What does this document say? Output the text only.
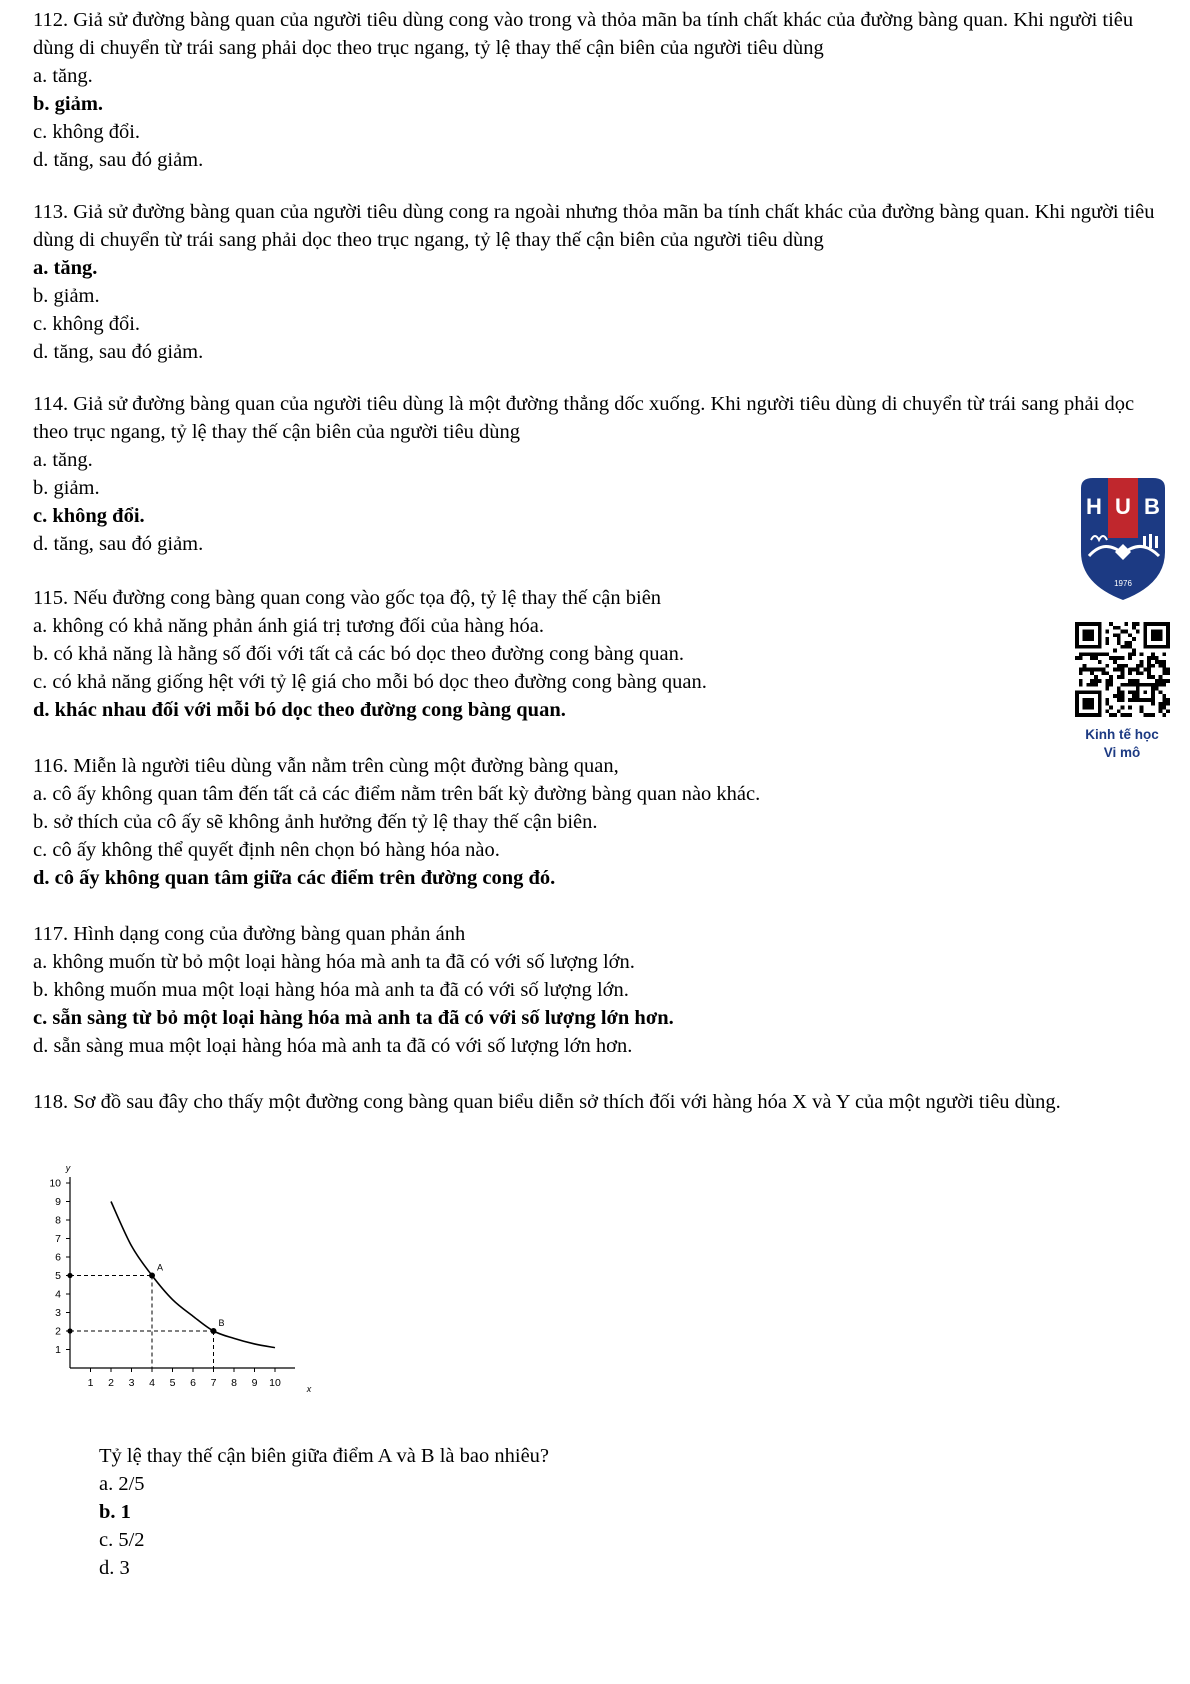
112. Giả sử đường bàng quan của người tiêu dùng cong vào trong và thỏa mãn ba tính chất khác của đường bàng quan. Khi người tiêu dùng di chuyển từ trái sang phải dọc theo trục ngang, tỷ lệ thay thế cận biên của người tiêu dùng

a. tăng.

b. giảm.

c. không đổi.

d. tăng, sau đó giảm.

113. Giả sử đường bàng quan của người tiêu dùng cong ra ngoài nhưng thỏa mãn ba tính chất khác của đường bàng quan. Khi người tiêu dùng di chuyển từ trái sang phải dọc theo trục ngang, tỷ lệ thay thế cận biên của người tiêu dùng

a. tăng.

b. giảm.

c. không đổi.

d. tăng, sau đó giảm.

114. Giả sử đường bàng quan của người tiêu dùng là một đường thẳng dốc xuống. Khi người tiêu dùng di chuyển từ trái sang phải dọc theo trục ngang, tỷ lệ thay thế cận biên của người tiêu dùng

a. tăng.

b. giảm.

c. không đổi.

d. tăng, sau đó giảm.

115. Nếu đường cong bàng quan cong vào gốc tọa độ, tỷ lệ thay thế cận biên

a. không có khả năng phản ánh giá trị tương đối của hàng hóa.

b. có khả năng là hằng số đối với tất cả các bó dọc theo đường cong bàng quan.

c. có khả năng giống hệt với tỷ lệ giá cho mỗi bó dọc theo đường cong bàng quan.

d. khác nhau đối với mỗi bó dọc theo đường cong bàng quan.

116. Miễn là người tiêu dùng vẫn nằm trên cùng một đường bàng quan,

a. cô ấy không quan tâm đến tất cả các điểm nằm trên bất kỳ đường bàng quan nào khác.

b. sở thích của cô ấy sẽ không ảnh hưởng đến tỷ lệ thay thế cận biên.

c. cô ấy không thể quyết định nên chọn bó hàng hóa nào.

d. cô ấy không quan tâm giữa các điểm trên đường cong đó.

117. Hình dạng cong của đường bàng quan phản ánh

a. không muốn từ bỏ một loại hàng hóa mà anh ta đã có với số lượng lớn.

b. không muốn mua một loại hàng hóa mà anh ta đã có với số lượng lớn.

c. sẵn sàng từ bỏ một loại hàng hóa mà anh ta đã có với số lượng lớn hơn.

d. sẵn sàng mua một loại hàng hóa mà anh ta đã có với số lượng lớn hơn.

118. Sơ đồ sau đây cho thấy một đường cong bàng quan biểu diễn sở thích đối với hàng hóa X và Y của một người tiêu dùng.

y
x
1 2 3 4 5 6 7 8 9 10
1
2
3
4
5
6
7
8
9
10
A
B

Tỷ lệ thay thế cận biên giữa điểm A và B là bao nhiêu?

a. 2/5

b. 1

c. 5/2

d. 3

H U B
1976
Kinh tế học
Vi mô
